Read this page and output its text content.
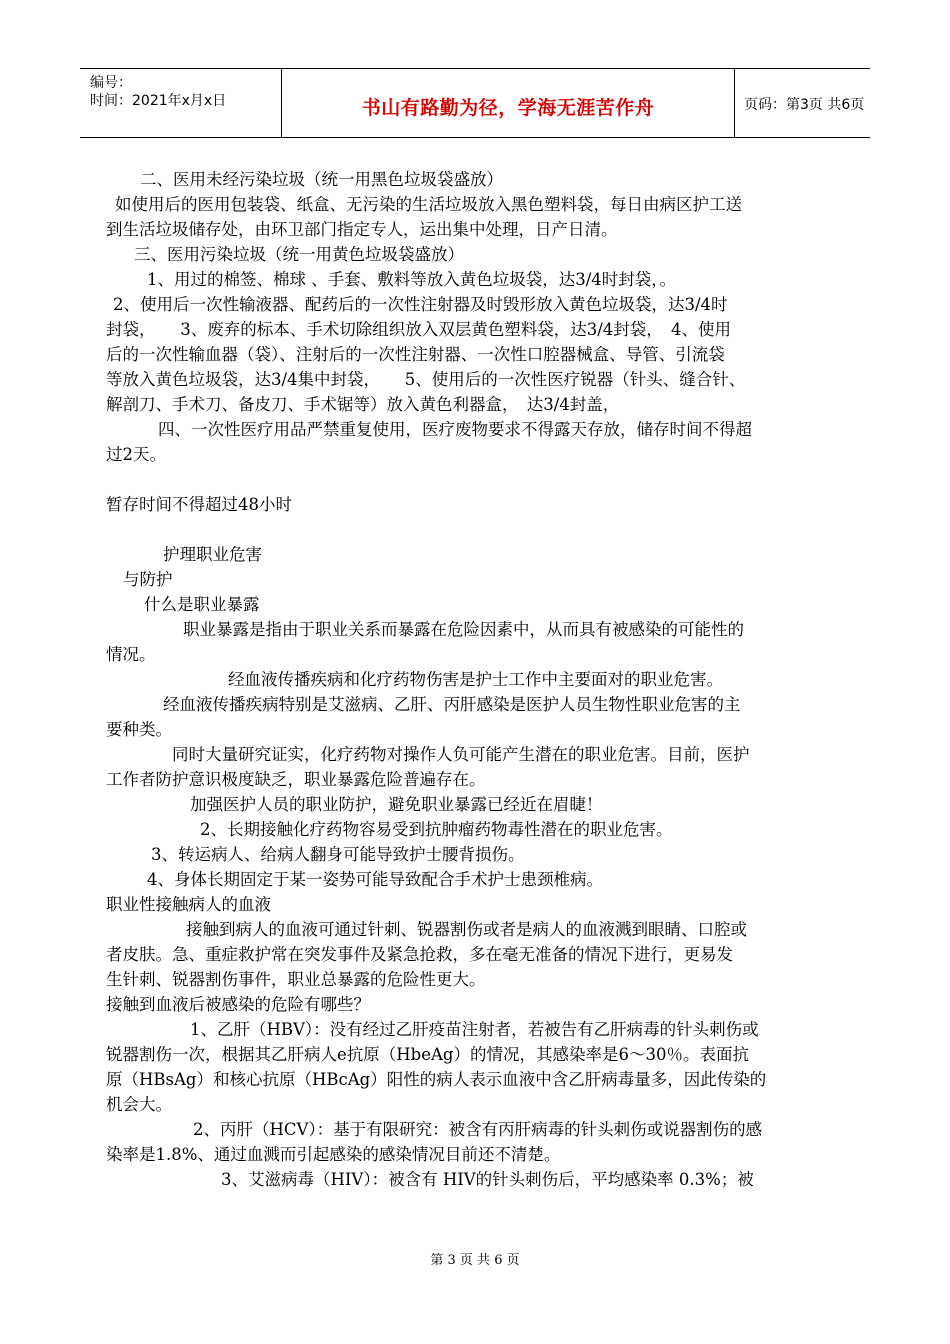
编号：
时间：2021年x月x日	书山有路勤为径，学海无涯苦作舟	页码：第3页 共6页
二、医用未经污染垃圾（统一用黑色垃圾袋盛放）
如使用后的医用包装袋、纸盒、无污染的生活垃圾放入黑色塑料袋，每日由病区护工送
到生活垃圾储存处，由环卫部门指定专人，运出集中处理，日产日清。
三、医用污染垃圾（统一用黄色垃圾袋盛放）
1、用过的棉签、棉球 、手套、敷料等放入黄色垃圾袋，达3/4时封袋，。
2、使用后一次性输液器、配药后的一次性注射器及时毁形放入黄色垃圾袋，达3/4时
封袋，　　3、废弃的标本、手术切除组织放入双层黄色塑料袋，达3/4封袋，　4、使用
后的一次性输血器（袋）、注射后的一次性注射器、一次性口腔器械盒、导管、引流袋
等放入黄色垃圾袋，达3/4集中封袋，　　5、使用后的一次性医疗锐器（针头、缝合针、
解剖刀、手术刀、备皮刀、手术锯等）放入黄色利器盒，　达3/4封盖，
四、一次性医疗用品严禁重复使用，医疗废物要求不得露天存放，储存时间不得超
过2天。
暂存时间不得超过48小时
护理职业危害
与防护
什么是职业暴露
职业暴露是指由于职业关系而暴露在危险因素中，从而具有被感染的可能性的
情况。
经血液传播疾病和化疗药物伤害是护士工作中主要面对的职业危害。
经血液传播疾病特别是艾滋病、乙肝、丙肝感染是医护人员生物性职业危害的主
要种类。
同时大量研究证实，化疗药物对操作人负可能产生潜在的职业危害。目前，医护
工作者防护意识极度缺乏，职业暴露危险普遍存在。
加强医护人员的职业防护，避免职业暴露已经近在眉睫！
2、长期接触化疗药物容易受到抗肿瘤药物毒性潜在的职业危害。
3、转运病人、给病人翻身可能导致护士腰背损伤。
4、身体长期固定于某一姿势可能导致配合手术护士患颈椎病。
职业性接触病人的血液
接触到病人的血液可通过针刺、锐器割伤或者是病人的血液溅到眼睛、口腔或
者皮肤。急、重症救护常在突发事件及紧急抢救，多在毫无准备的情况下进行，更易发
生针刺、锐器割伤事件，职业总暴露的危险性更大。
接触到血液后被感染的危险有哪些？
1、乙肝（HBV）：没有经过乙肝疫苗注射者，若被告有乙肝病毒的针头刺伤或
锐器割伤一次，根据其乙肝病人e抗原（HbeAg）的情况，其感染率是6～30％。表面抗
原（HBsAg）和核心抗原（HBcAg）阳性的病人表示血液中含乙肝病毒量多，因此传染的
机会大。
2、丙肝（HCV）：基于有限研究：被含有丙肝病毒的针头刺伤或说器割伤的感
染率是1.8%、通过血溅而引起感染的感染情况目前还不清楚。
3、艾滋病毒（HIV）：被含有 HIV的针头刺伤后，平均感染率 0.3%；被
第 3 页 共 6 页
